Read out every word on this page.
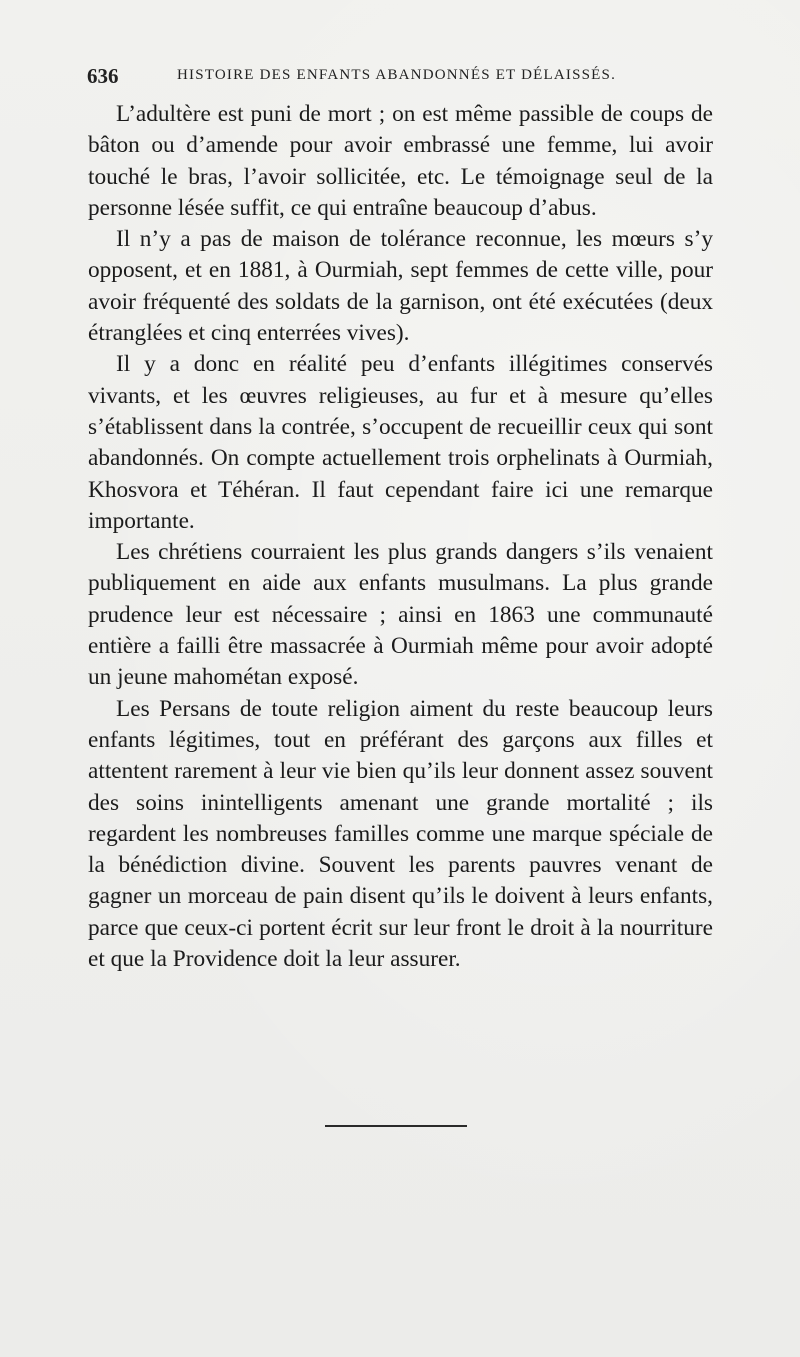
636	HISTOIRE DES ENFANTS ABANDONNÉS ET DÉLAISSÉS.

L’adultère est puni de mort ; on est même passible de coups de bâton ou d’amende pour avoir embrassé une femme, lui avoir touché le bras, l’avoir sollicitée, etc. Le témoignage seul de la personne lésée suffit, ce qui entraîne beaucoup d’abus.

Il n’y a pas de maison de tolérance reconnue, les mœurs s’y opposent, et en 1881, à Ourmiah, sept femmes de cette ville, pour avoir fréquenté des soldats de la garnison, ont été exécutées (deux étranglées et cinq enterrées vives).

Il y a donc en réalité peu d’enfants illégitimes conservés vivants, et les œuvres religieuses, au fur et à mesure qu’elles s’établissent dans la contrée, s’occupent de recueillir ceux qui sont abandonnés. On compte actuellement trois orphelinats à Ourmiah, Khosvora et Téhéran. Il faut cependant faire ici une remarque importante.

Les chrétiens courraient les plus grands dangers s’ils venaient publiquement en aide aux enfants musulmans. La plus grande prudence leur est nécessaire ; ainsi en 1863 une communauté entière a failli être massacrée à Ourmiah même pour avoir adopté un jeune mahométan exposé.

Les Persans de toute religion aiment du reste beaucoup leurs enfants légitimes, tout en préférant des garçons aux filles et attentent rarement à leur vie bien qu’ils leur donnent assez souvent des soins inintelligents amenant une grande mortalité ; ils regardent les nombreuses familles comme une marque spéciale de la bénédiction divine. Souvent les parents pauvres venant de gagner un morceau de pain disent qu’ils le doivent à leurs enfants, parce que ceux-ci portent écrit sur leur front le droit à la nourriture et que la Providence doit la leur assurer.
